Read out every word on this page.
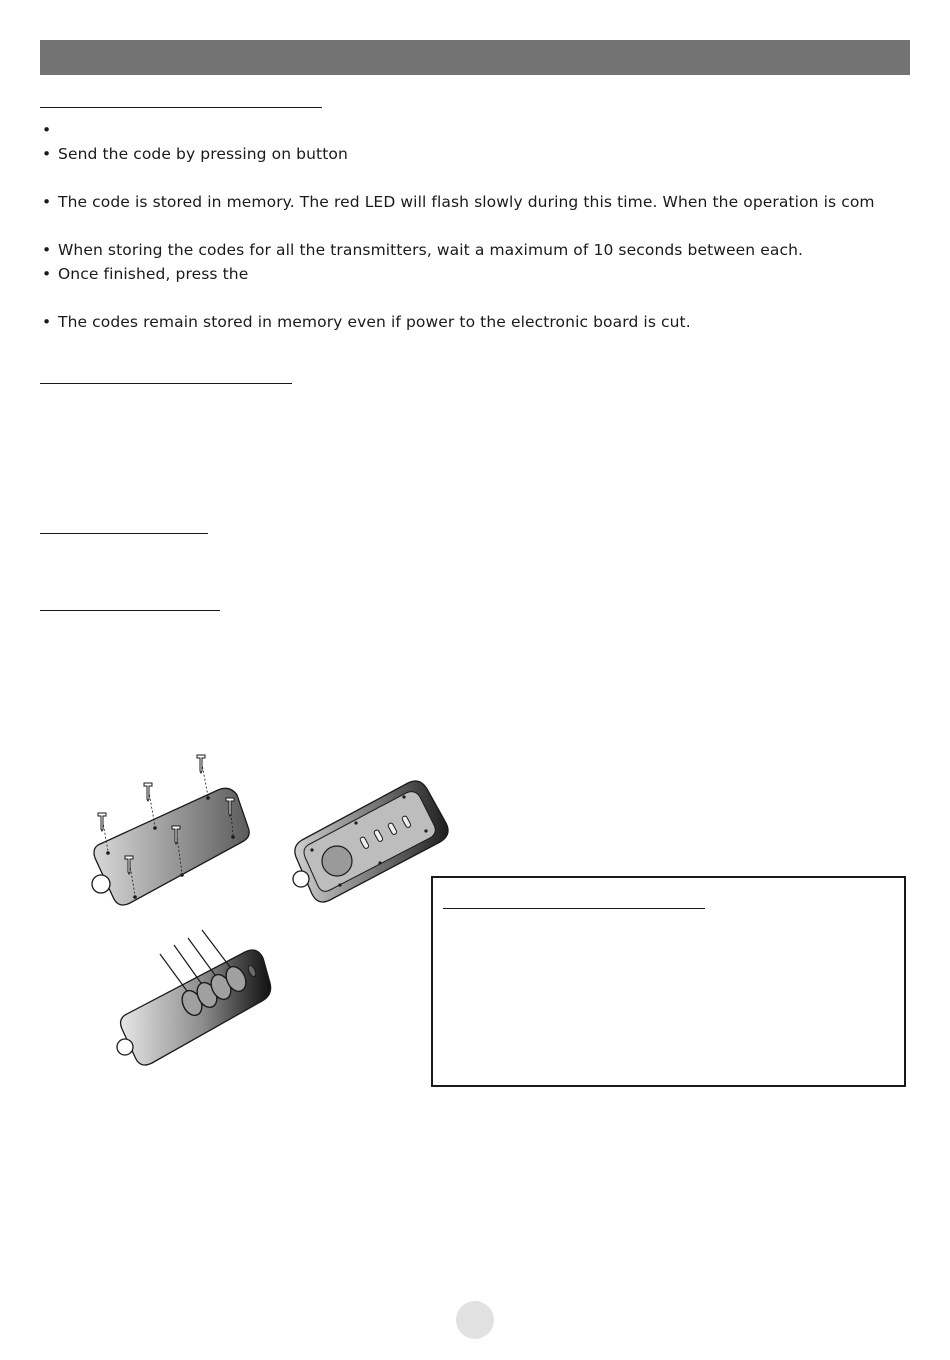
•
• Send the code by pressing on button
• The code is stored in memory. The red LED will flash slowly during this time. When the operation is com
• When storing the codes for all the transmitters, wait a maximum of 10 seconds between each.
• Once finished, press the
• The codes remain stored in memory even if power to the electronic board is cut.
